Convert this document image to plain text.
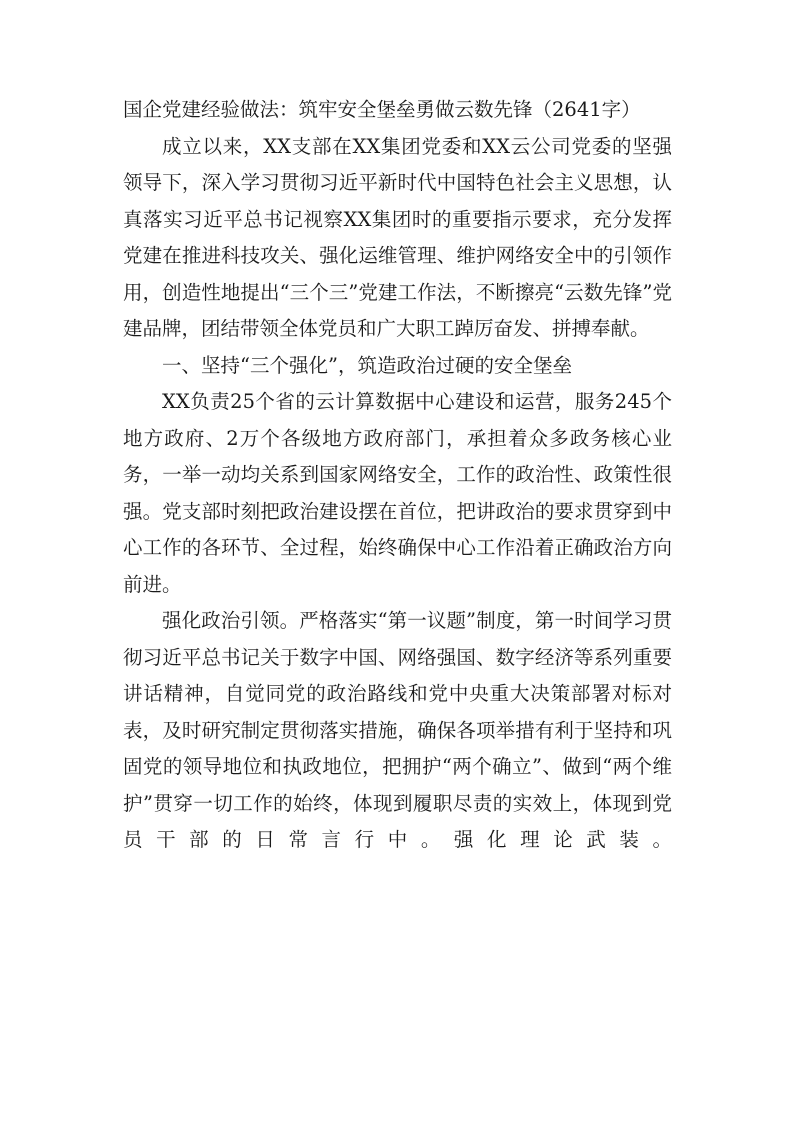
国企党建经验做法：筑牢安全堡垒勇做云数先锋（2641字）

成立以来，XX支部在XX集团党委和XX云公司党委的坚强领导下，深入学习贯彻习近平新时代中国特色社会主义思想，认真落实习近平总书记视察XX集团时的重要指示要求，充分发挥党建在推进科技攻关、强化运维管理、维护网络安全中的引领作用，创造性地提出“三个三”党建工作法，不断擦亮“云数先锋”党建品牌，团结带领全体党员和广大职工踔厉奋发、拼搏奉献。

一、坚持“三个强化”，筑造政治过硬的安全堡垒

XX负责25个省的云计算数据中心建设和运营，服务245个地方政府、2万个各级地方政府部门，承担着众多政务核心业务，一举一动均关系到国家网络安全，工作的政治性、政策性很强。党支部时刻把政治建设摆在首位，把讲政治的要求贯穿到中心工作的各环节、全过程，始终确保中心工作沿着正确政治方向前进。

强化政治引领。严格落实“第一议题”制度，第一时间学习贯彻习近平总书记关于数字中国、网络强国、数字经济等系列重要讲话精神，自觉同党的政治路线和党中央重大决策部署对标对表，及时研究制定贯彻落实措施，确保各项举措有利于坚持和巩固党的领导地位和执政地位，把拥护“两个确立”、做到“两个维护”贯穿一切工作的始终，体现到履职尽责的实效上，体现到党员干部的日常言行中。强化理论武装。
